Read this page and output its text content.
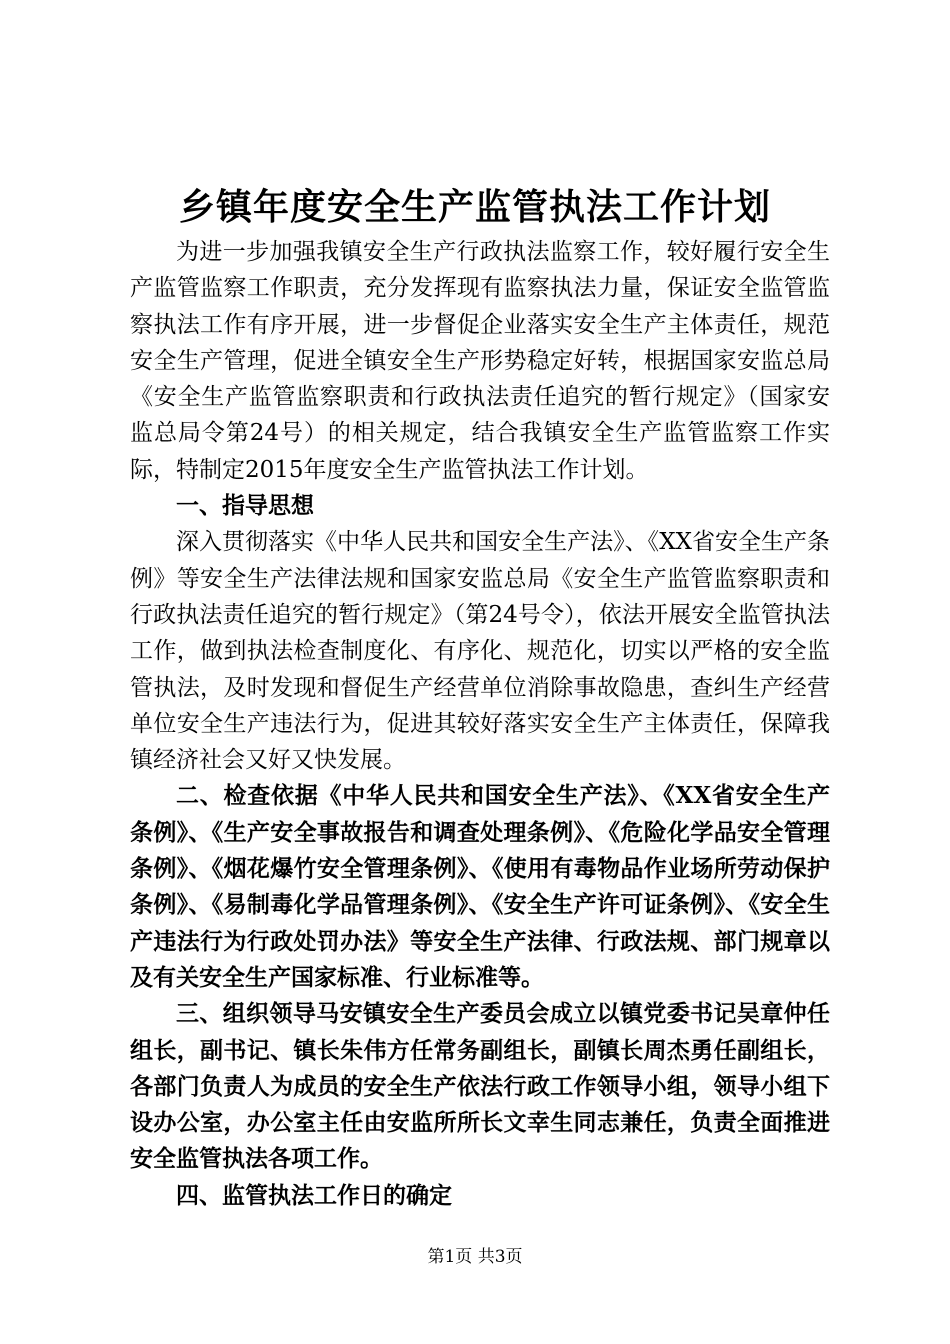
乡镇年度安全生产监管执法工作计划

为进一步加强我镇安全生产行政执法监察工作，较好履行安全生产监管监察工作职责，充分发挥现有监察执法力量，保证安全监管监察执法工作有序开展，进一步督促企业落实安全生产主体责任，规范安全生产管理，促进全镇安全生产形势稳定好转，根据国家安监总局《安全生产监管监察职责和行政执法责任追究的暂行规定》（国家安监总局令第24号）的相关规定，结合我镇安全生产监管监察工作实际，特制定2015年度安全生产监管执法工作计划。

一、指导思想

深入贯彻落实《中华人民共和国安全生产法》、《XX省安全生产条例》等安全生产法律法规和国家安监总局《安全生产监管监察职责和行政执法责任追究的暂行规定》（第24号令），依法开展安全监管执法工作，做到执法检查制度化、有序化、规范化，切实以严格的安全监管执法，及时发现和督促生产经营单位消除事故隐患，查纠生产经营单位安全生产违法行为，促进其较好落实安全生产主体责任，保障我镇经济社会又好又快发展。

二、检查依据《中华人民共和国安全生产法》、《XX省安全生产条例》、《生产安全事故报告和调查处理条例》、《危险化学品安全管理条例》、《烟花爆竹安全管理条例》、《使用有毒物品作业场所劳动保护条例》、《易制毒化学品管理条例》、《安全生产许可证条例》、《安全生产违法行为行政处罚办法》等安全生产法律、行政法规、部门规章以及有关安全生产国家标准、行业标准等。

三、组织领导马安镇安全生产委员会成立以镇党委书记吴章仲任组长，副书记、镇长朱伟方任常务副组长，副镇长周杰勇任副组长，各部门负责人为成员的安全生产依法行政工作领导小组，领导小组下设办公室，办公室主任由安监所所长文幸生同志兼任，负责全面推进安全监管执法各项工作。

四、监管执法工作日的确定

第1页 共3页
